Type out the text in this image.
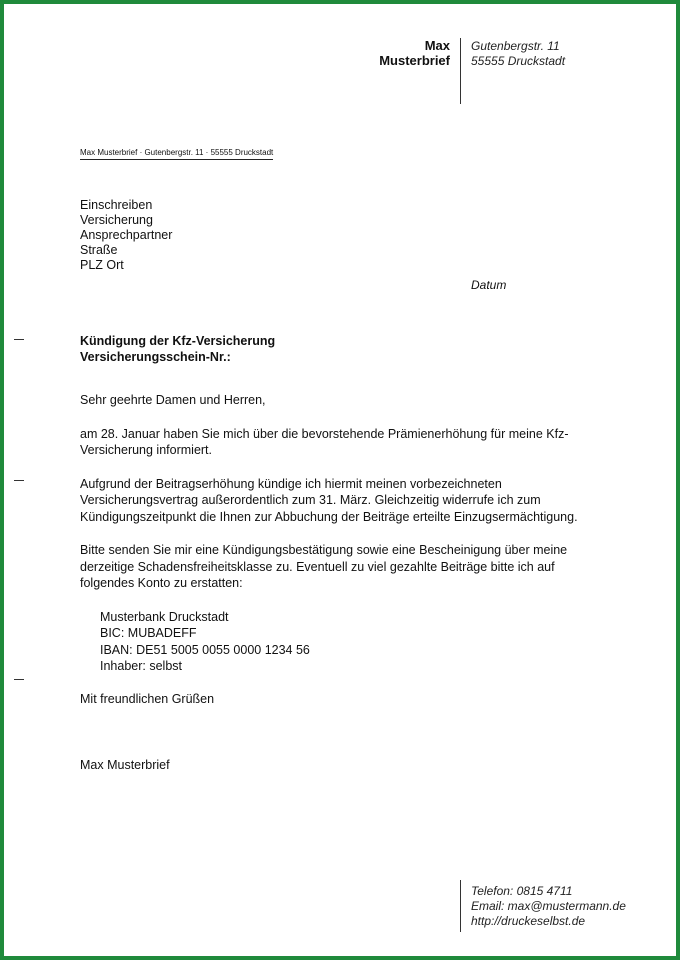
Max
Musterbrief
Gutenbergstr. 11
55555 Druckstadt
Max Musterbrief · Gutenbergstr. 11 · 55555 Druckstadt
Einschreiben
Versicherung
Ansprechpartner
Straße
PLZ Ort
Datum
Kündigung der Kfz-Versicherung
Versicherungsschein-Nr.:

Sehr geehrte Damen und Herren,

am 28. Januar haben Sie mich über die bevorstehende Prämienerhöhung für meine Kfz-Versicherung informiert.

Aufgrund der Beitragserhöhung kündige ich hiermit meinen vorbezeichneten Versicherungsvertrag außerordentlich zum 31. März. Gleichzeitig widerrufe ich zum Kündigungszeitpunkt die Ihnen zur Abbuchung der Beiträge erteilte Einzugsermächtigung.

Bitte senden Sie mir eine Kündigungsbestätigung sowie eine Bescheinigung über meine derzeitige Schadensfreiheitsklasse zu. Eventuell zu viel gezahlte Beiträge bitte ich auf folgendes Konto zu erstatten:

Musterbank Druckstadt
BIC: MUBADEFF
IBAN: DE51 5005 0055 0000 1234 56
Inhaber: selbst

Mit freundlichen Grüßen

Max Musterbrief

Telefon: 0815 4711
Email: max@mustermann.de
http://druckeselbst.de
